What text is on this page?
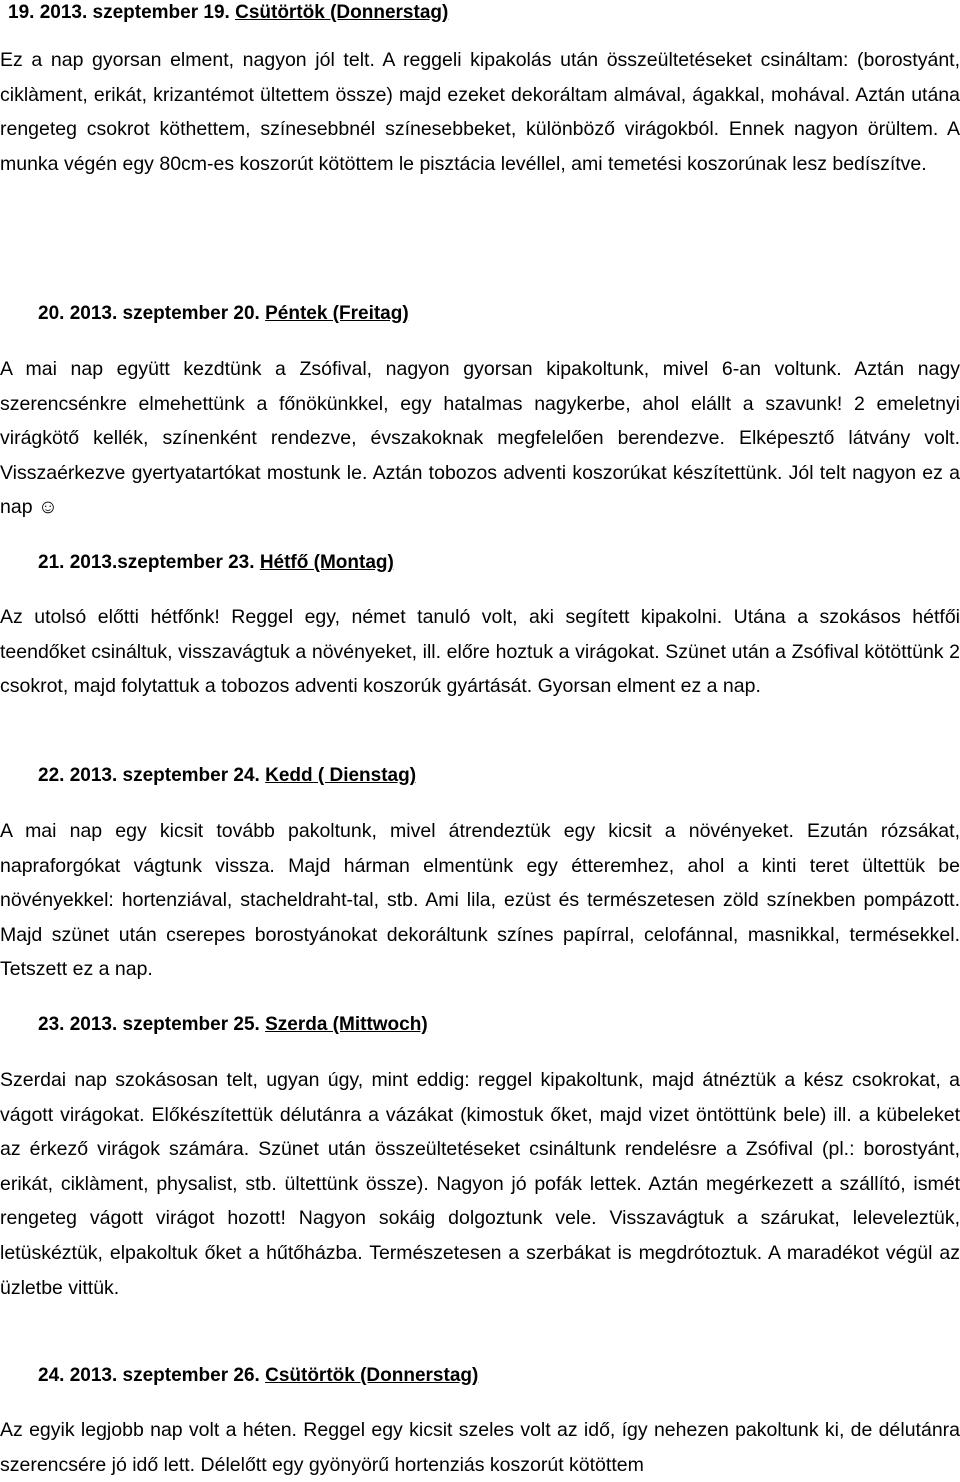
19. 2013. szeptember 19. Csütörtök (Donnerstag)
Ez a nap gyorsan elment, nagyon jól telt. A reggeli kipakolás után összeültetéseket csináltam: (borostyánt, ciklàment, erikát, krizantémot ültettem össze) majd ezeket dekoráltam almával, ágakkal, mohával. Aztán utána rengeteg csokrot köthettem, színesebbnél színesebbeket, különböző virágokból. Ennek nagyon örültem. A munka végén egy 80cm-es koszorút kötöttem le pisztácia levéllel, ami temetési koszorúnak lesz bedíszítve.
20. 2013. szeptember 20. Péntek (Freitag)
A mai nap együtt kezdtünk a Zsófival, nagyon gyorsan kipakoltunk, mivel 6-an voltunk. Aztán nagy szerencsénkre elmehettünk a főnökünkkel, egy hatalmas nagykerbe, ahol elállt a szavunk! 2 emeletnyi virágkötő kellék, színenként rendezve, évszakoknak megfelelően berendezve. Elképesztő látvány volt. Visszaérkezve gyertyatartókat mostunk le. Aztán tobozos adventi koszorúkat készítettünk. Jól telt nagyon ez a nap ☺
21. 2013.szeptember 23. Hétfő (Montag)
Az utolsó előtti hétfőnk! Reggel egy, német tanuló volt, aki segített kipakolni. Utána a szokásos hétfői teendőket csináltuk, visszavágtuk a növényeket, ill. előre hoztuk a virágokat. Szünet után a Zsófival kötöttünk 2 csokrot, majd folytattuk a tobozos adventi koszorúk gyártását. Gyorsan elment ez a nap.
22. 2013. szeptember 24. Kedd ( Dienstag)
A mai nap egy kicsit tovább pakoltunk, mivel átrendeztük egy kicsit a növényeket. Ezután rózsákat, napraforgókat vágtunk vissza. Majd hárman elmentünk egy étteremhez, ahol a kinti teret ültettük be növényekkel: hortenziával, stacheldraht-tal, stb. Ami lila, ezüst és természetesen zöld színekben pompázott. Majd szünet után cserepes borostyánokat dekoráltunk színes papírral, celofánnal, masnikkal, termésekkel. Tetszett ez a nap.
23. 2013. szeptember 25. Szerda (Mittwoch)
Szerdai nap szokásosan telt, ugyan úgy, mint eddig: reggel kipakoltunk, majd átnéztük a kész csokrokat, a vágott virágokat. Előkészítettük délutánra a vázákat (kimostuk őket, majd vizet öntöttünk bele) ill. a kübeleket az érkező virágok számára. Szünet után összeültetéseket csináltunk rendelésre a Zsófival (pl.: borostyánt, erikát, ciklàment, physalist, stb. ültettünk össze). Nagyon jó pofák lettek. Aztán megérkezett a szállító, ismét rengeteg vágott virágot hozott! Nagyon sokáig dolgoztunk vele. Visszavágtuk a szárukat, leleveleztük, letüskéztük, elpakoltuk őket a hűtőházba. Természetesen a szerbákat is megdrótoztuk. A maradékot végül az üzletbe vittük.
24. 2013. szeptember 26. Csütörtök (Donnerstag)
Az egyik legjobb nap volt a héten. Reggel egy kicsit szeles volt az idő, így nehezen pakoltunk ki, de délutánra szerencsére jó idő lett. Délelőtt egy gyönyörű hortenziás koszorút kötöttem
